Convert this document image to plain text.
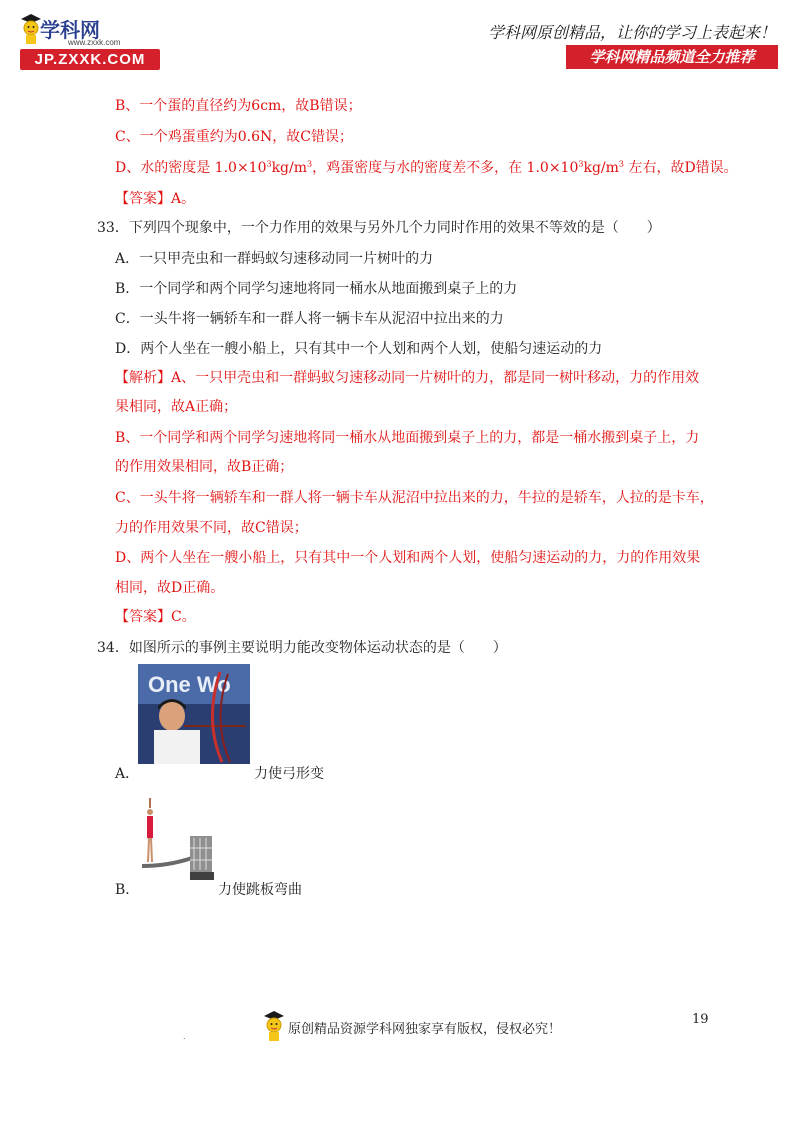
学科网
www.zxxk.com
JP.ZXXK.COM
学科网原创精品，让你的学习上表起来！
学科网精品频道全力推荐
B、一个蛋的直径约为6cm，故B错误；
C、一个鸡蛋重约为0.6N，故C错误；
D、水的密度是 $1.0\times 10^3kg/m^3$，鸡蛋密度与水的密度差不多，在 $1.0\times 10^3kg/m^3$ 左右，故D错误。
【答案】A。
33．下列四个现象中，一个力作用的效果与另外几个力同时作用的效果不等效的是（　　）
A．一只甲壳虫和一群蚂蚁匀速移动同一片树叶的力
B．一个同学和两个同学匀速地将同一桶水从地面搬到桌子上的力
C．一头牛将一辆轿车和一群人将一辆卡车从泥沼中拉出来的力
D．两个人坐在一艘小船上，只有其中一个人划和两个人划，使船匀速运动的力
【解析】A、一只甲壳虫和一群蚂蚁匀速移动同一片树叶的力，都是同一树叶移动，力的作用效
果相同，故A正确；
B、一个同学和两个同学匀速地将同一桶水从地面搬到桌子上的力，都是一桶水搬到桌子上，力
的作用效果相同，故B正确；
C、一头牛将一辆轿车和一群人将一辆卡车从泥沼中拉出来的力，牛拉的是轿车，人拉的是卡车，
力的作用效果不同，故C错误；
D、两个人坐在一艘小船上，只有其中一个人划和两个人划，使船匀速运动的力，力的作用效果
相同，故D正确。
【答案】C。
34．如图所示的事例主要说明力能改变物体运动状态的是（　　）
One Wo
A．	力使弓形变
B．	力使跳板弯曲
19
原创精品资源学科网独家享有版权，侵权必究！
.
